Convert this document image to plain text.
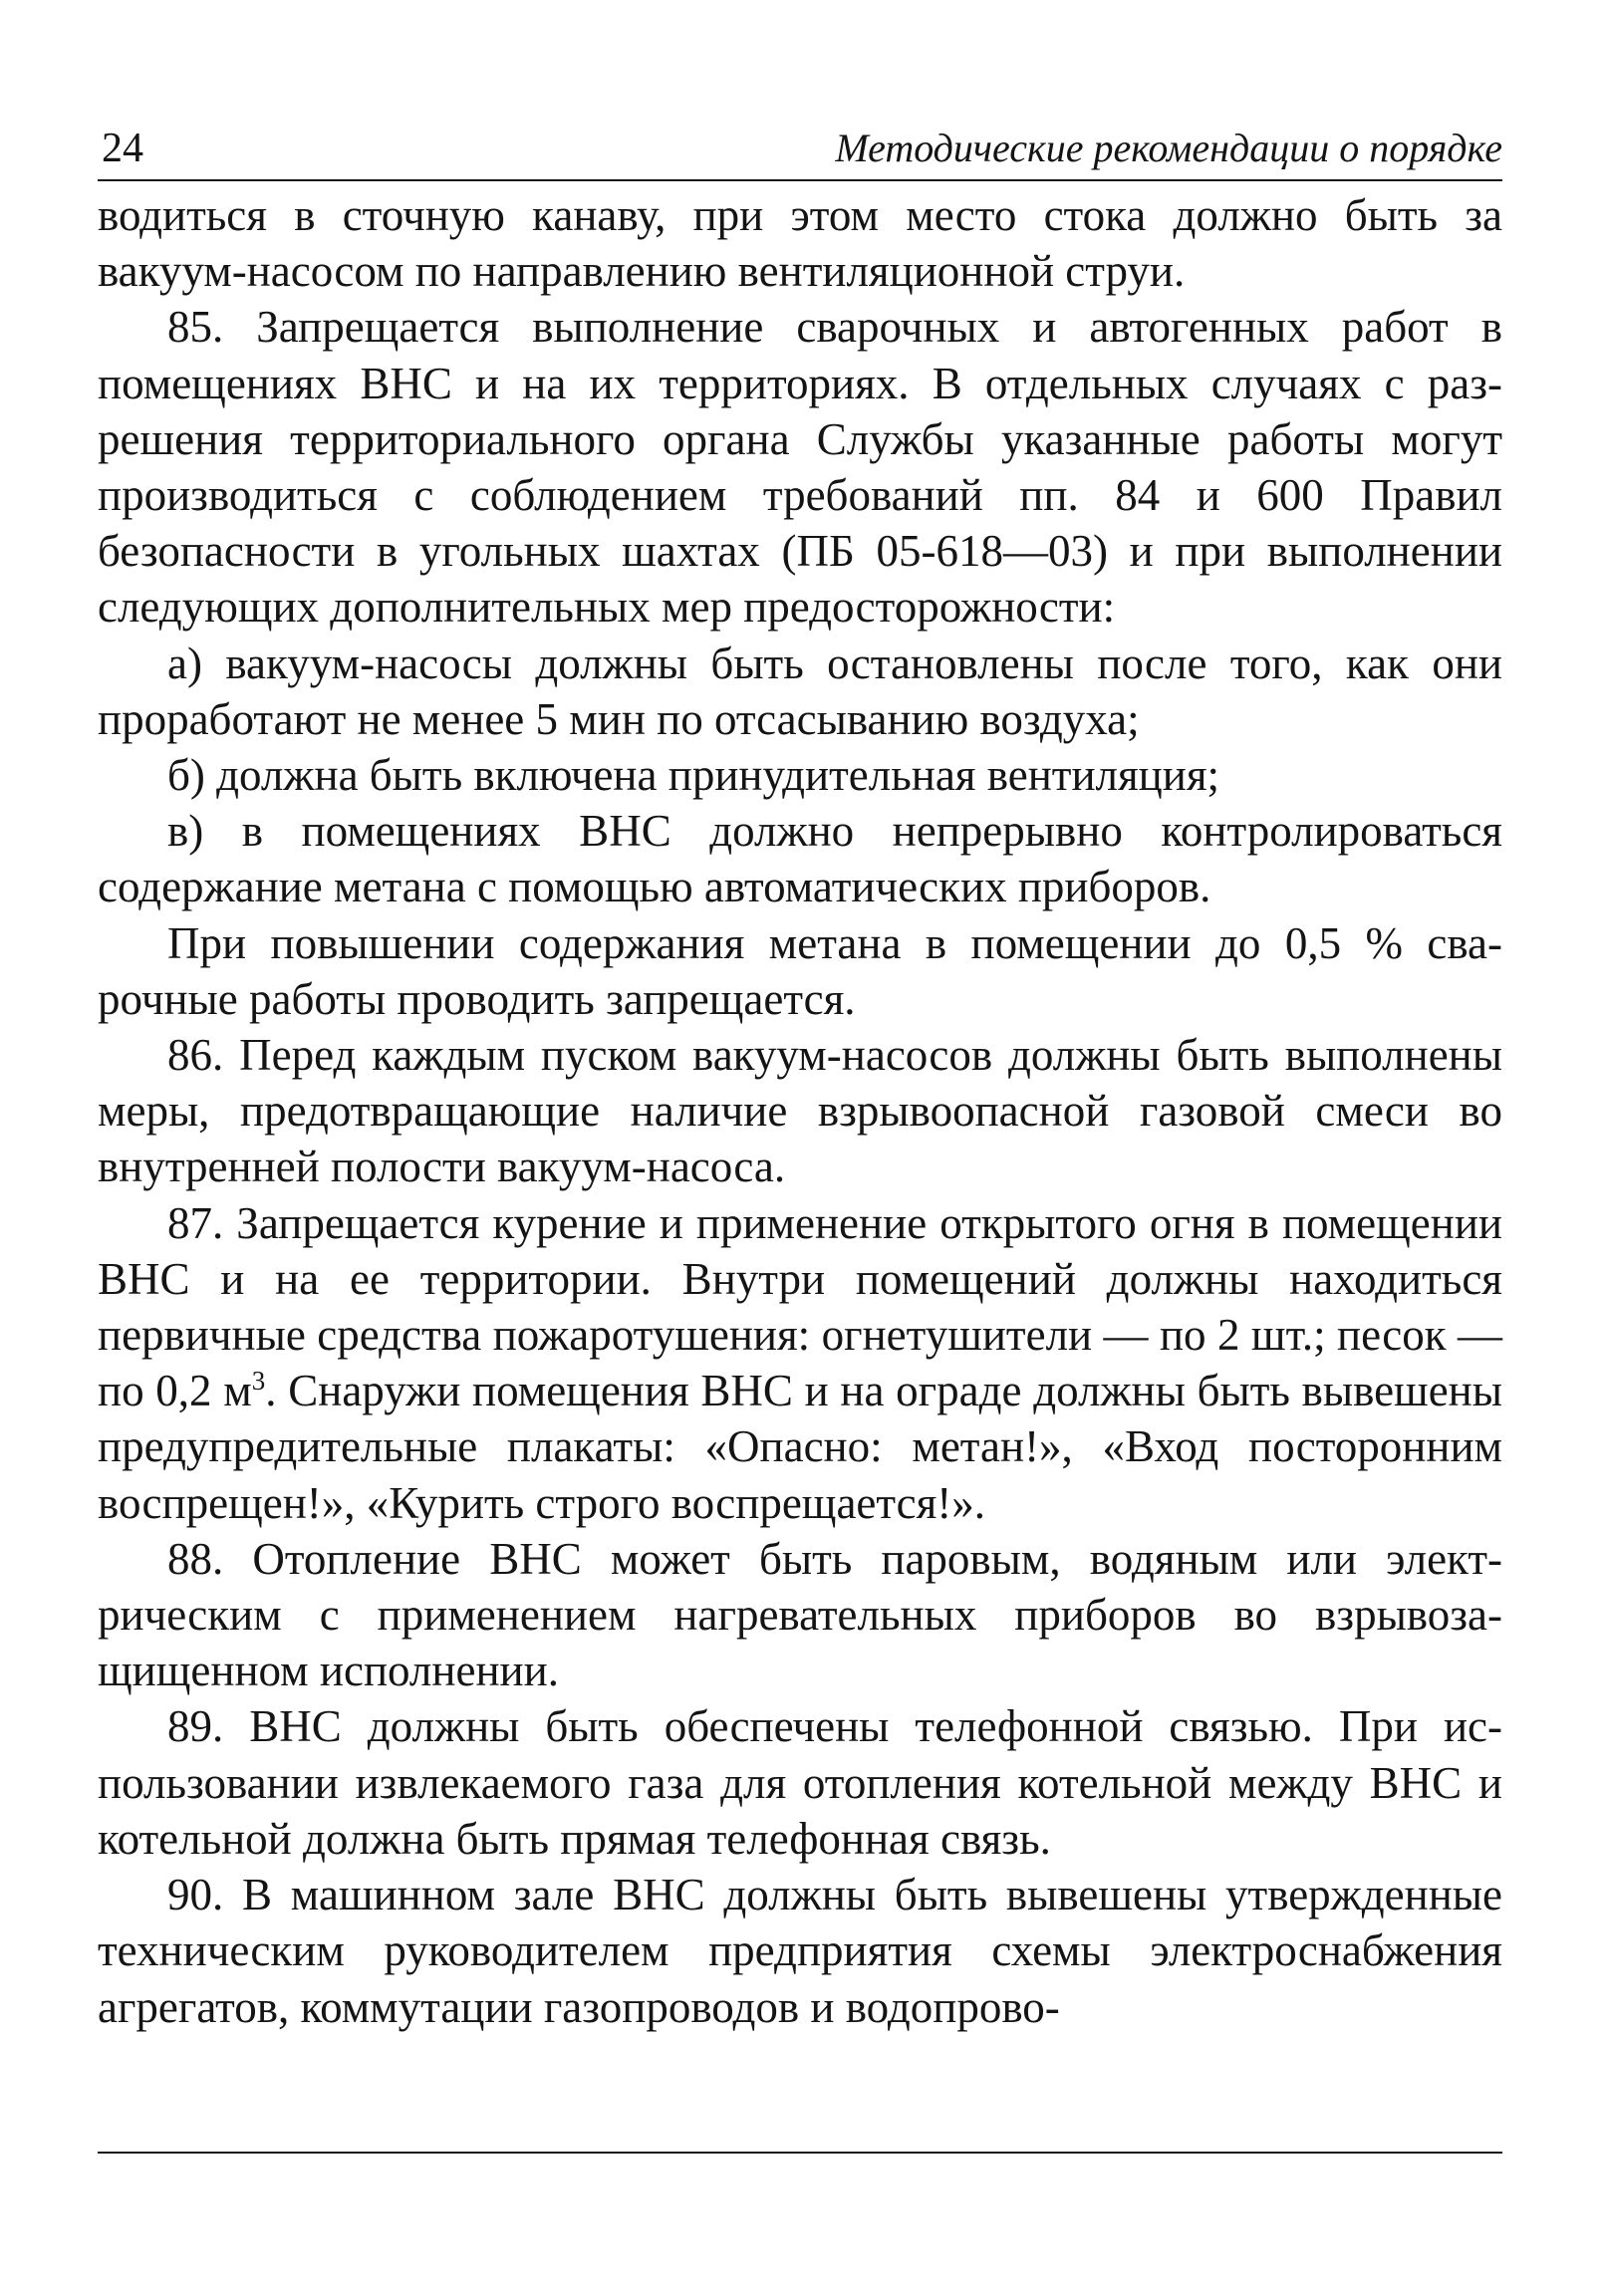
24	Методические рекомендации о порядке

водиться в сточную канаву, при этом место стока должно быть за вакуум-насосом по направлению вентиляционной струи.

85. Запрещается выполнение сварочных и автогенных работ в помещениях ВНС и на их территориях. В отдельных случаях с разрешения территориального органа Службы указанные работы могут производиться с соблюдением требований пп. 84 и 600 Правил безопасности в угольных шахтах (ПБ 05-618—03) и при выполнении следующих дополнительных мер предосторожности:

а) вакуум-насосы должны быть остановлены после того, как они проработают не менее 5 мин по отсасыванию воздуха;

б) должна быть включена принудительная вентиляция;

в) в помещениях ВНС должно непрерывно контролироваться содержание метана с помощью автоматических приборов.

При повышении содержания метана в помещении до 0,5 % сварочные работы проводить запрещается.

86. Перед каждым пуском вакуум-насосов должны быть выполнены меры, предотвращающие наличие взрывоопасной газовой смеси во внутренней полости вакуум-насоса.

87. Запрещается курение и применение открытого огня в помещении ВНС и на ее территории. Внутри помещений должны находиться первичные средства пожаротушения: огнетушители — по 2 шт.; песок — по 0,2 $м^3$. Снаружи помещения ВНС и на ограде должны быть вывешены предупредительные плакаты: «Опасно: метан!», «Вход посторонним воспрещен!», «Курить строго воспрещается!».

88. Отопление ВНС может быть паровым, водяным или электрическим с применением нагревательных приборов во взрывозащищенном исполнении.

89. ВНС должны быть обеспечены телефонной связью. При использовании извлекаемого газа для отопления котельной между ВНС и котельной должна быть прямая телефонная связь.

90. В машинном зале ВНС должны быть вывешены утвержденные техническим руководителем предприятия схемы электроснабжения агрегатов, коммутации газопроводов и водопрово-
